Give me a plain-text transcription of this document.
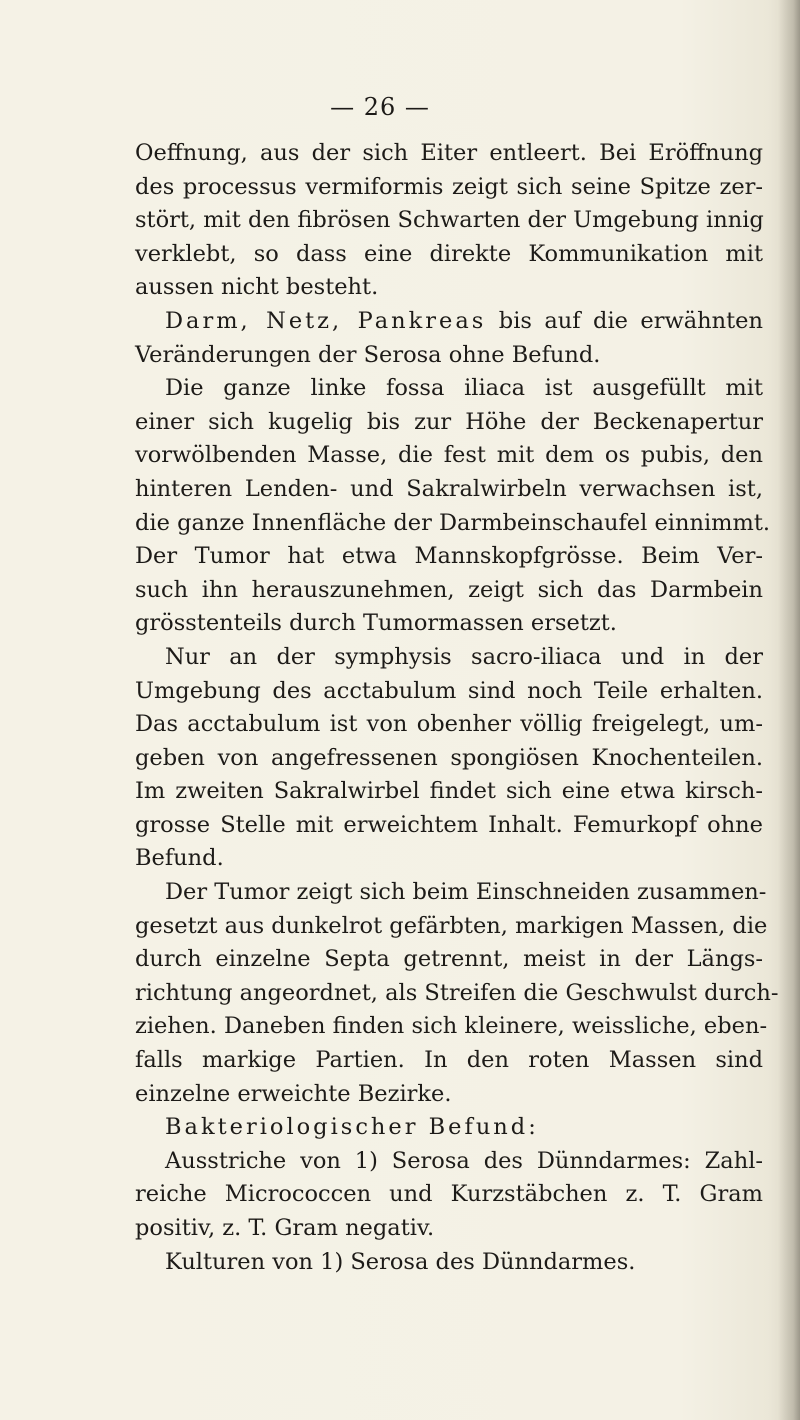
— 26 —
Oeffnung, aus der sich Eiter entleert. Bei Eröffnung
des processus vermiformis zeigt sich seine Spitze zer-
stört, mit den fibrösen Schwarten der Umgebung innig
verklebt, so dass eine direkte Kommunikation mit
aussen nicht besteht.
Darm, Netz, Pankreas bis auf die erwähnten
Veränderungen der Serosa ohne Befund.
Die ganze linke fossa iliaca ist ausgefüllt mit
einer sich kugelig bis zur Höhe der Beckenapertur
vorwölbenden Masse, die fest mit dem os pubis, den
hinteren Lenden- und Sakralwirbeln verwachsen ist,
die ganze Innenfläche der Darmbeinschaufel einnimmt.
Der Tumor hat etwa Mannskopfgrösse. Beim Ver-
such ihn herauszunehmen, zeigt sich das Darmbein
grösstenteils durch Tumormassen ersetzt.
Nur an der symphysis sacro-iliaca und in der
Umgebung des acctabulum sind noch Teile erhalten.
Das acctabulum ist von obenher völlig freigelegt, um-
geben von angefressenen spongiösen Knochenteilen.
Im zweiten Sakralwirbel findet sich eine etwa kirsch-
grosse Stelle mit erweichtem Inhalt. Femurkopf ohne
Befund.
Der Tumor zeigt sich beim Einschneiden zusammen-
gesetzt aus dunkelrot gefärbten, markigen Massen, die
durch einzelne Septa getrennt, meist in der Längs-
richtung angeordnet, als Streifen die Geschwulst durch-
ziehen. Daneben finden sich kleinere, weissliche, eben-
falls markige Partien. In den roten Massen sind
einzelne erweichte Bezirke.
Bakteriologischer Befund:
Ausstriche von 1) Serosa des Dünndarmes: Zahl-
reiche Micrococcen und Kurzstäbchen z. T. Gram
positiv, z. T. Gram negativ.
Kulturen von 1) Serosa des Dünndarmes.
